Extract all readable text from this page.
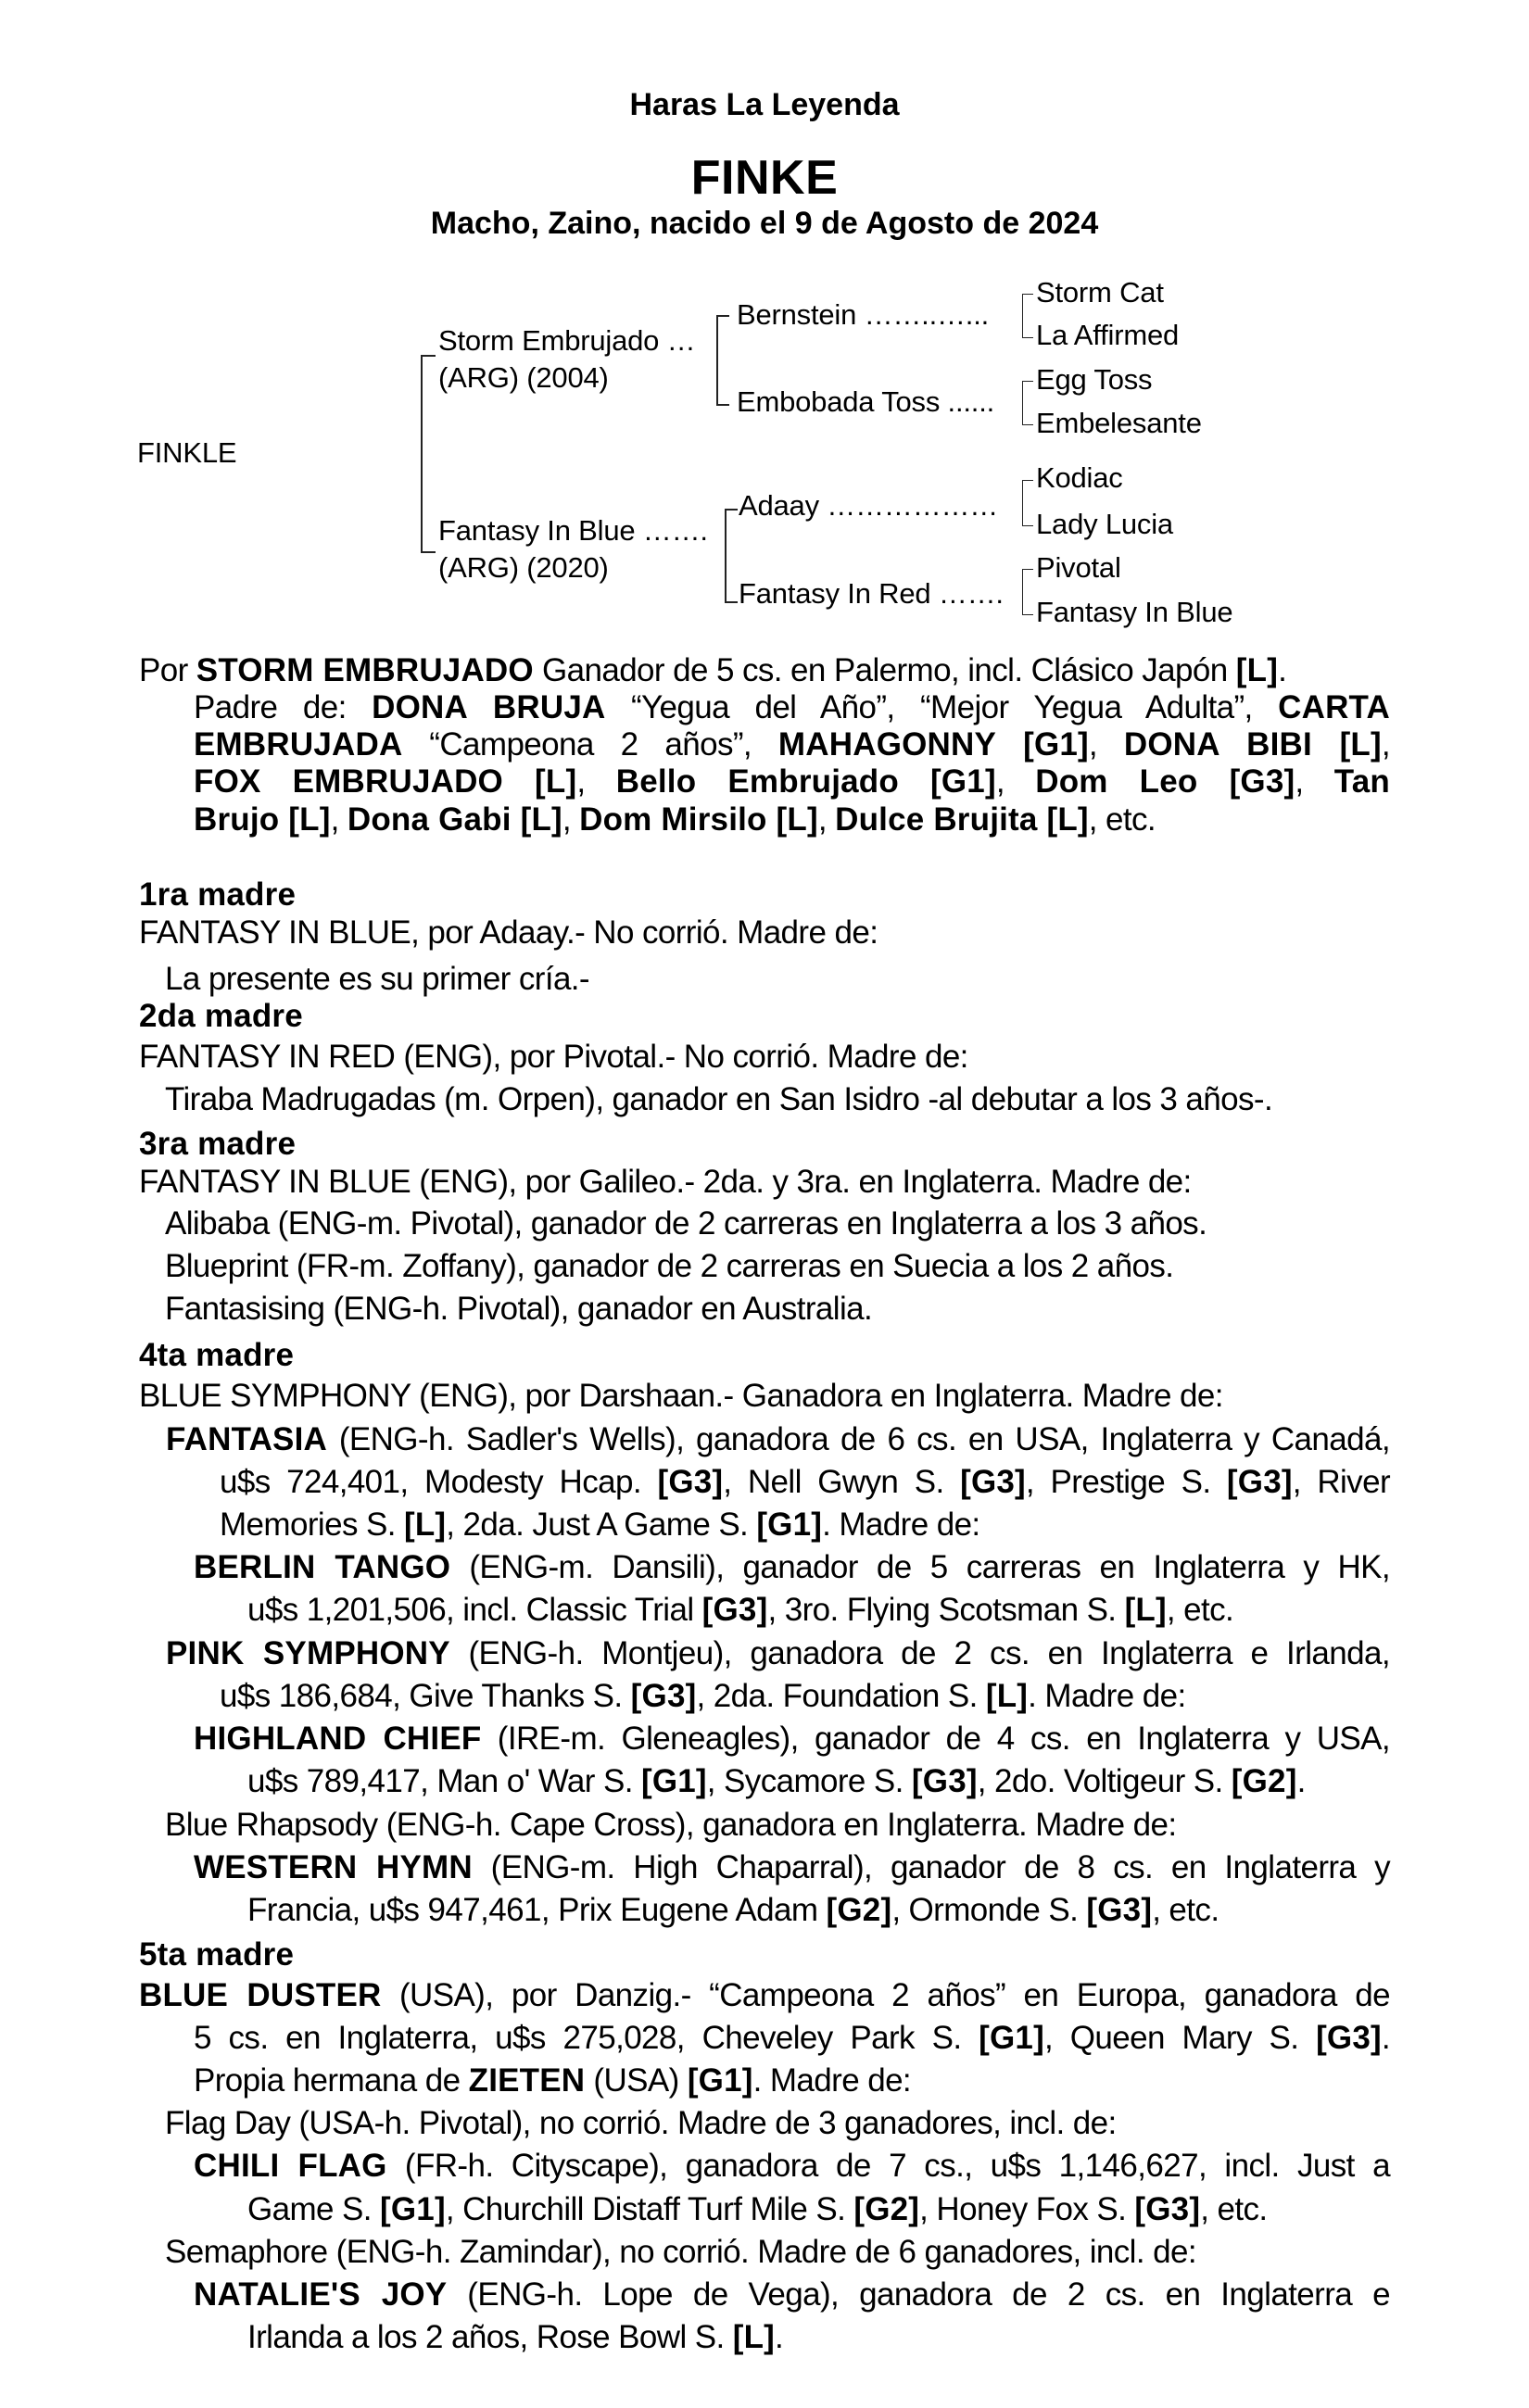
Haras La Leyenda
FINKE
Macho, Zaino, nacido el 9 de Agosto de 2024
FINKLE
Storm Embrujado …
(ARG) (2004)
Fantasy In Blue …….
(ARG) (2020)
Bernstein ……..…...
Embobada Toss ......
Adaay ………………
Fantasy In Red …….
Storm Cat
La Affirmed
Egg Toss
Embelesante
Kodiac
Lady Lucia
Pivotal
Fantasy In Blue
Por STORM EMBRUJADO Ganador de 5 cs. en Palermo, incl. Clásico Japón [L].
Padre de: DONA BRUJA “Yegua del Año”, “Mejor Yegua Adulta”, CARTA
EMBRUJADA “Campeona 2 años”, MAHAGONNY [G1], DONA BIBI [L],
FOX EMBRUJADO [L], Bello Embrujado [G1], Dom Leo [G3], Tan
Brujo [L], Dona Gabi [L], Dom Mirsilo [L], Dulce Brujita [L], etc.
1ra madre
FANTASY IN BLUE, por Adaay.- No corrió. Madre de:
La presente es su primer cría.-
2da madre
FANTASY IN RED (ENG), por Pivotal.- No corrió. Madre de:
Tiraba Madrugadas (m. Orpen), ganador en San Isidro -al debutar a los 3 años-.
3ra madre
FANTASY IN BLUE (ENG), por Galileo.- 2da. y 3ra. en Inglaterra. Madre de:
Alibaba (ENG-m. Pivotal), ganador de 2 carreras en Inglaterra a los 3 años.
Blueprint (FR-m. Zoffany), ganador de 2 carreras en Suecia a los 2 años.
Fantasising (ENG-h. Pivotal), ganador en Australia.
4ta madre
BLUE SYMPHONY (ENG), por Darshaan.- Ganadora en Inglaterra. Madre de:
FANTASIA (ENG-h. Sadler's Wells), ganadora de 6 cs. en USA, Inglaterra y Canadá,
u$s 724,401, Modesty Hcap. [G3], Nell Gwyn S. [G3], Prestige S. [G3], River
Memories S. [L], 2da. Just A Game S. [G1]. Madre de:
BERLIN TANGO (ENG-m. Dansili), ganador de 5 carreras en Inglaterra y HK,
u$s 1,201,506, incl. Classic Trial [G3], 3ro. Flying Scotsman S. [L], etc.
PINK SYMPHONY (ENG-h. Montjeu), ganadora de 2 cs. en Inglaterra e Irlanda,
u$s 186,684, Give Thanks S. [G3], 2da. Foundation S. [L]. Madre de:
HIGHLAND CHIEF (IRE-m. Gleneagles), ganador de 4 cs. en Inglaterra y USA,
u$s 789,417, Man o' War S. [G1], Sycamore S. [G3], 2do. Voltigeur S. [G2].
Blue Rhapsody (ENG-h. Cape Cross), ganadora en Inglaterra. Madre de:
WESTERN HYMN (ENG-m. High Chaparral), ganador de 8 cs. en Inglaterra y
Francia, u$s 947,461, Prix Eugene Adam [G2], Ormonde S. [G3], etc.
5ta madre
BLUE DUSTER (USA), por Danzig.- “Campeona 2 años” en Europa, ganadora de
5 cs. en Inglaterra, u$s 275,028, Cheveley Park S. [G1], Queen Mary S. [G3].
Propia hermana de ZIETEN (USA) [G1]. Madre de:
Flag Day (USA-h. Pivotal), no corrió. Madre de 3 ganadores, incl. de:
CHILI FLAG (FR-h. Cityscape), ganadora de 7 cs., u$s 1,146,627, incl. Just a
Game S. [G1], Churchill Distaff Turf Mile S. [G2], Honey Fox S. [G3], etc.
Semaphore (ENG-h. Zamindar), no corrió. Madre de 6 ganadores, incl. de:
NATALIE'S JOY (ENG-h. Lope de Vega), ganadora de 2 cs. en Inglaterra e
Irlanda a los 2 años, Rose Bowl S. [L].
